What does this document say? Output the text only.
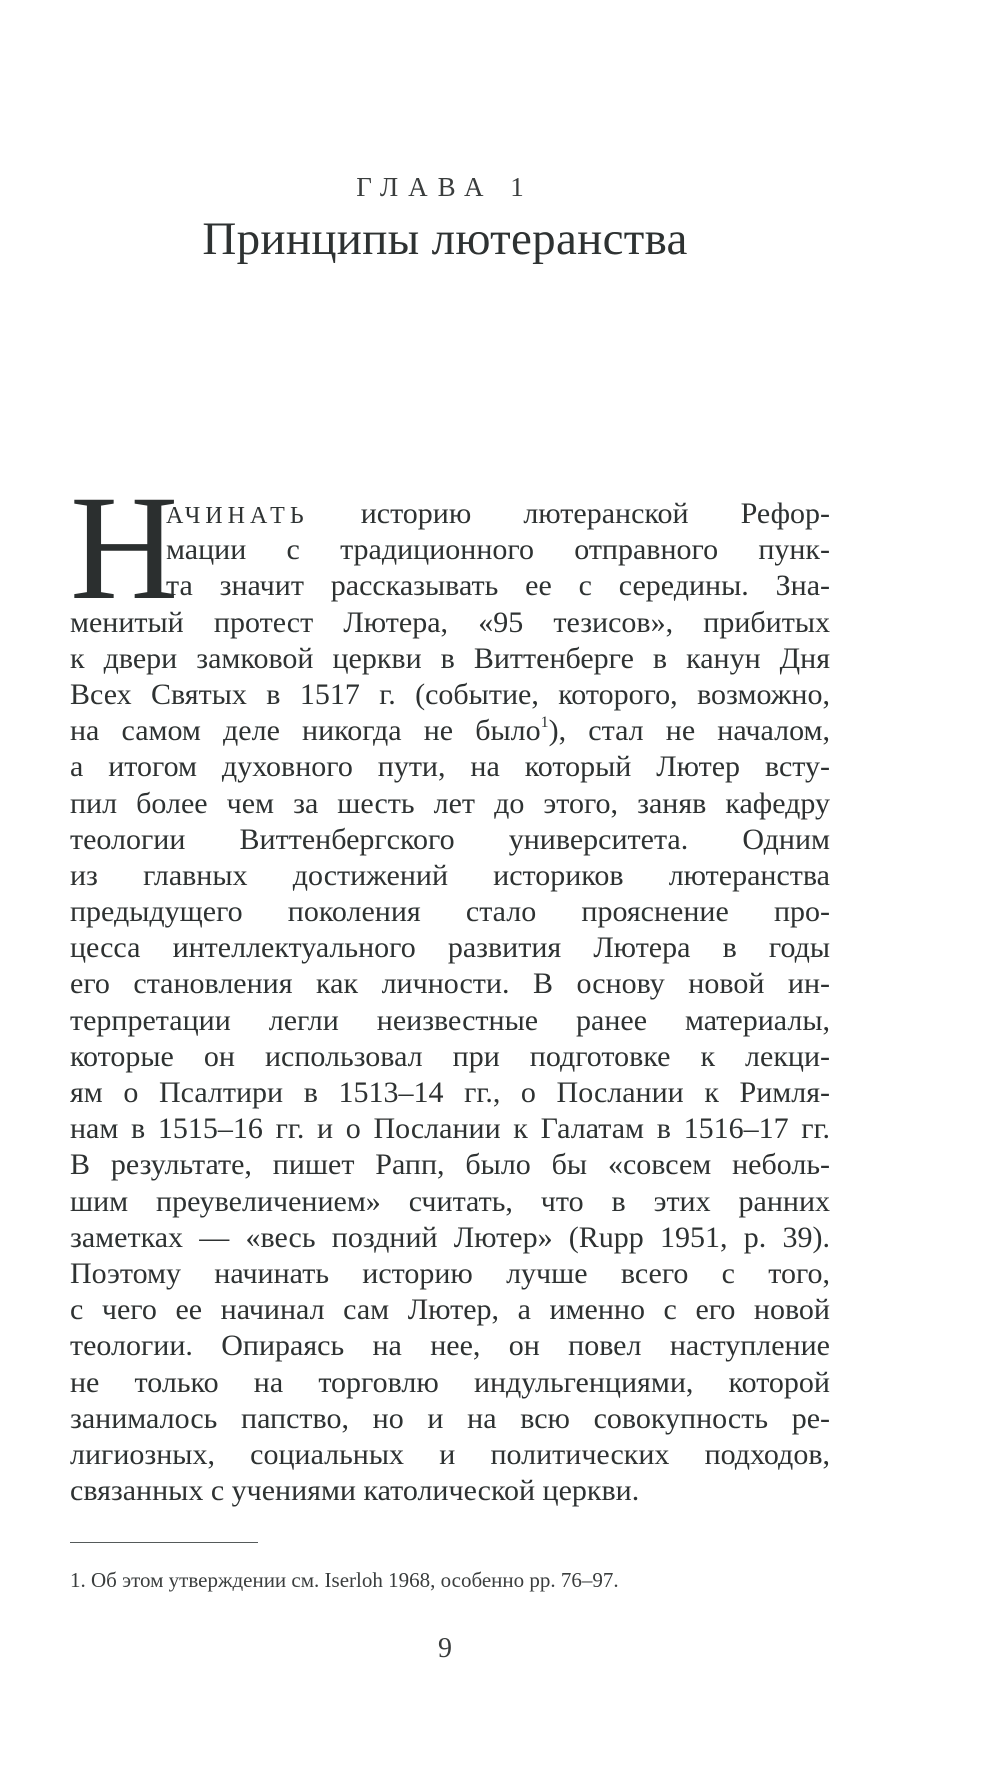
ГЛАВА 1
Принципы лютеранства
Н
АЧИНАТЬ историю лютеранской Рефор-
мации с традиционного отправного пунк-
та значит рассказывать ее с середины. Зна-
менитый протест Лютера, «95 тезисов», прибитых
к двери замковой церкви в Виттенберге в канун Дня
Всех Святых в 1517 г. (событие, которого, возможно,
на самом деле никогда не было$^1$), стал не началом,
а итогом духовного пути, на который Лютер всту-
пил более чем за шесть лет до этого, заняв кафедру
теологии Виттенбергского университета. Одним
из главных достижений историков лютеранства
предыдущего поколения стало прояснение про-
цесса интеллектуального развития Лютера в годы
его становления как личности. В основу новой ин-
терпретации легли неизвестные ранее материалы,
которые он использовал при подготовке к лекци-
ям о Псалтири в 1513–14 гг., о Послании к Римля-
нам в 1515–16 гг. и о Послании к Галатам в 1516–17 гг.
В результате, пишет Рапп, было бы «совсем неболь-
шим преувеличением» считать, что в этих ранних
заметках — «весь поздний Лютер» (Rupp 1951, p. 39).
Поэтому начинать историю лучше всего с того,
с чего ее начинал сам Лютер, а именно с его новой
теологии. Опираясь на нее, он повел наступление
не только на торговлю индульгенциями, которой
занималось папство, но и на всю совокупность ре-
лигиозных, социальных и политических подходов,
связанных с учениями католической церкви.
1. Об этом утверждении см. Iserloh 1968, особенно pp. 76–97.
9
